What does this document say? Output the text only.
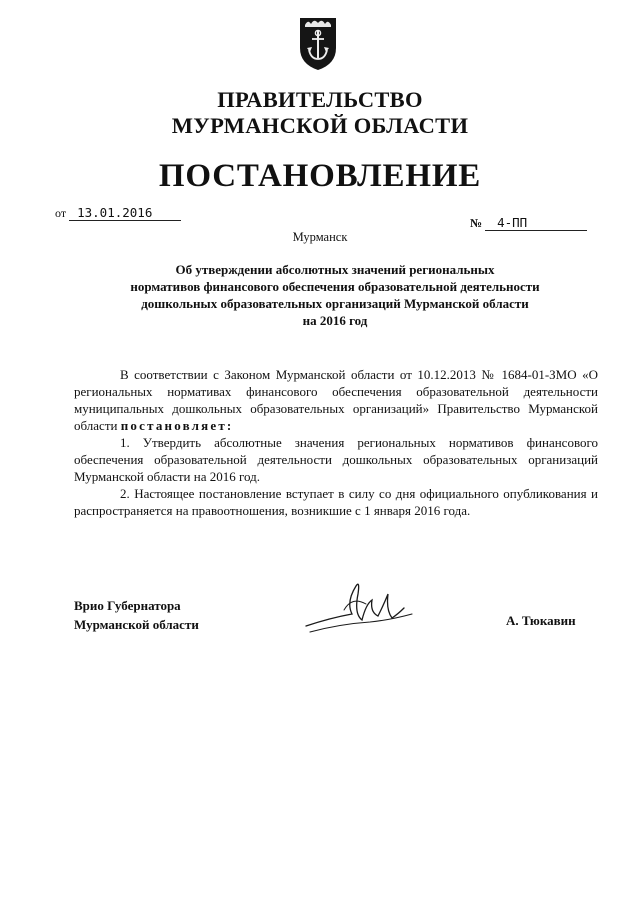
ПРАВИТЕЛЬСТВО
МУРМАНСКОЙ ОБЛАСТИ
ПОСТАНОВЛЕНИЕ
от 13.01.2016
№ 4-ПП
Мурманск
Об утверждении абсолютных значений региональных
нормативов финансового обеспечения образовательной деятельности
дошкольных образовательных организаций Мурманской области
на 2016 год

В соответствии с Законом Мурманской области от 10.12.2013 № 1684-01-ЗМО «О региональных нормативах финансового обеспечения образовательной деятельности муниципальных дошкольных образовательных организаций» Правительство Мурманской области постановляет:

1. Утвердить абсолютные значения региональных нормативов финансового обеспечения образовательной деятельности дошкольных образовательных организаций Мурманской области на 2016 год.

2. Настоящее постановление вступает в силу со дня официального опубликования и распространяется на правоотношения, возникшие с 1 января 2016 года.

Врио Губернатора
Мурманской области	А. Тюкавин
